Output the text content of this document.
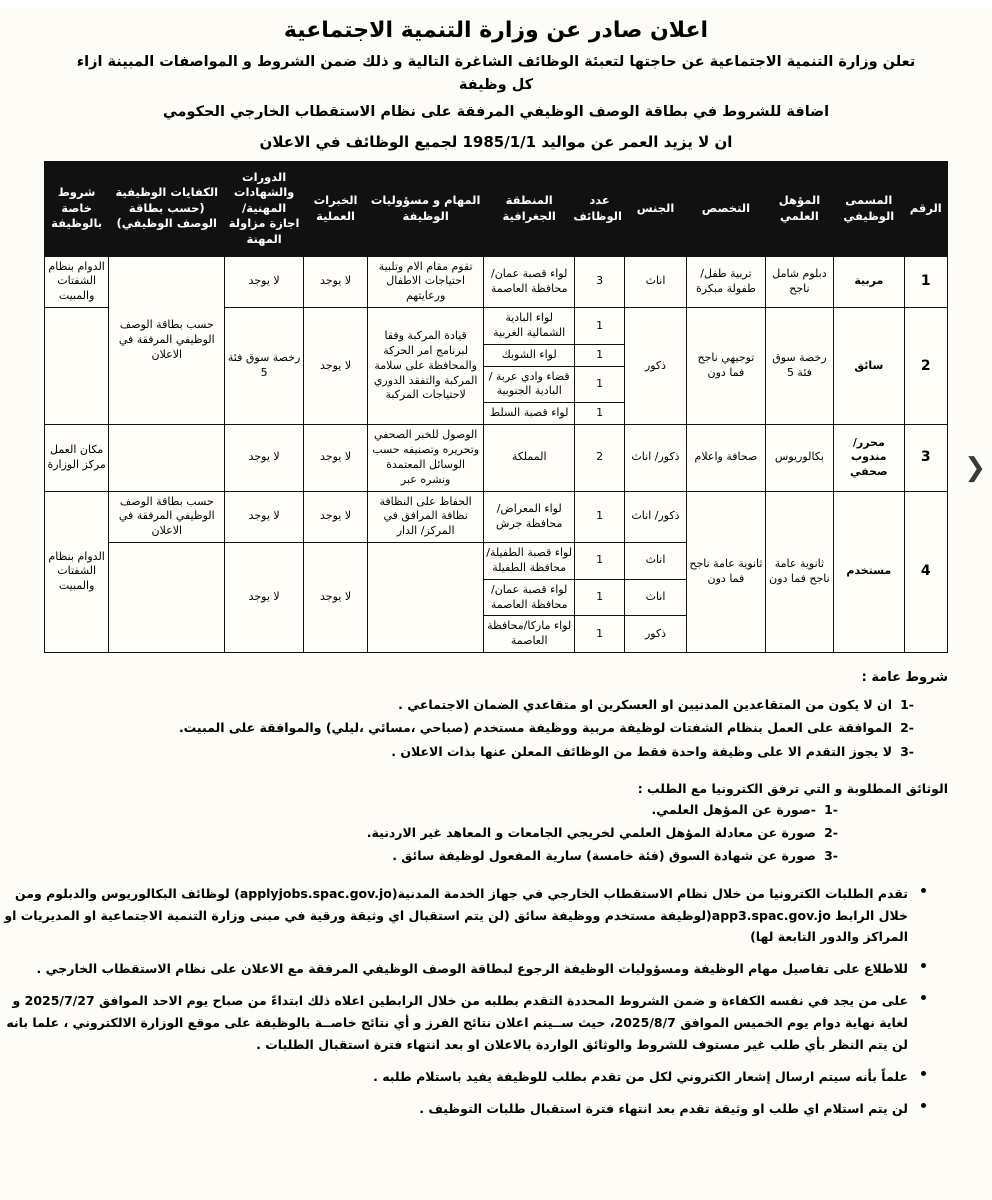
اعلان صادر عن وزارة التنمية الاجتماعية
تعلن وزارة التنمية الاجتماعية عن حاجتها لتعبئة الوظائف الشاغرة التالية و ذلك ضمن الشروط و المواصفات المبينة ازاء كل وظيفة
اضافة للشروط في بطاقة الوصف الوظيفي المرفقة على نظام الاستقطاب الخارجي الحكومي
ان لا يزيد العمر عن مواليد 1985/1/1 لجميع الوظائف في الاعلان
❮
الرقم	المسمى الوظيفي	المؤهل العلمي	التخصص	الجنس	عدد الوظائف	المنطقة الجغرافية	المهام و مسؤوليات الوظيفة	الخبرات العملية	الدورات والشهادات المهنية/اجازة مزاولة المهنة	الكفايات الوظيفية (حسب بطاقة الوصف الوظيفي)	شروط خاصة بالوظيفة
1	مربية	دبلوم شامل ناجح	تربية طفل/ طفولة مبكرة	اناث	3	لواء قصبة عمان/محافظة العاصمة	تقوم مقام الام وتلبية احتياجات الاطفال ورعايتهم	لا يوجد	لا يوجد	حسب بطاقة الوصف الوظيفي المرفقة في الاعلان	الدوام بنظام الشفتات والمبيت
2	سائق	رخصة سوق فئة 5	توجيهي ناجح فما دون	ذكور	1	لواء البادية الشمالية الغربية	قيادة المركبة وفقا لبرنامج امر الحركة والمحافظة على سلامة المركبة والتفقد الدوري لاحتياجات المركبة	لا يوجد	رخصة سوق فئة 5		
					1	لواء الشوبك					
					1	قضاء وادي عربة /البادية الجنوبية					
					1	لواء قصبة السلط					
3	محرر/ مندوب صحفي	بكالوريوس	صحافة واعلام	ذكور/ اناث	2	المملكة	الوصول للخبر الصحفي وتحريره وتصنيفه حسب الوسائل المعتمدة ونشره عبر	لا يوجد	لا يوجد		مكان العمل مركز الوزارة
4	مستخدم	ثانوية عامة ناجح فما دون	ثانوية عامة ناجح فما دون	ذكور/ اناث	1	لواء المعراض/محافظة جرش	الحفاظ على النظافة نظافة المرافق في المركز/ الدار	لا يوجد	لا يوجد	حسب بطاقة الوصف الوظيفي المرفقة في الاعلان	الدوام بنظام الشفتات والمبيت
				اناث	1	لواء قصبة الطفيلة/ محافظة الطفيلة		لا يوجد	لا يوجد		
				اناث	1	لواء قصبة عمان/محافظة العاصمة					
				ذكور	1	لواء ماركا/محافظة العاصمة					
شروط عامة :
-1
ان لا يكون من المتقاعدين المدنيين او العسكرين او متقاعدي الضمان الاجتماعي .
-2
الموافقة على العمل بنظام الشفتات لوظيفة مربية ووظيفة مستخدم (صباحي ،مسائي ،ليلي) والموافقة على المبيت.
-3
لا يجوز التقدم الا على وظيفة واحدة فقط من الوظائف المعلن عنها بذات الاعلان .
الوثائق المطلوبة و التي ترفق الكترونيا مع الطلب :
-1
-صورة عن المؤهل العلمي.
-2
صورة عن معادلة المؤهل العلمي لخريجي الجامعات و المعاهد غير الاردنية.
-3
صورة عن شهادة السوق (فئة خامسة) سارية المفعول لوظيفة سائق .
تقدم الطلبات الكترونيا من خلال نظام الاستقطاب الخارجي في جهاز الخدمة المدنية(applyjobs.spac.gov.jo) لوظائف البكالوريوس والدبلوم ومن خلال الرابط app3.spac.gov.jo(لوظيفة مستخدم ووظيفة سائق (لن يتم استقبال اي وثيقة ورقية في مبنى وزارة التنمية الاجتماعية او المديريات او المراكز والدور التابعة لها)
للاطلاع على تفاصيل مهام الوظيفة ومسؤوليات الوظيفة الرجوع لبطاقة الوصف الوظيفي المرفقة مع الاعلان على نظام الاستقطاب الخارجي .
على من يجد في نفسه الكفاءة و ضمن الشروط المحددة التقدم بطلبه من خلال الرابطين اعلاه ذلك ابتداءً من صباح يوم الاحد الموافق 2025/7/27 و لغاية نهاية دوام يوم الخميس الموافق 2025/8/7، حيث ســيتم اعلان نتائج الفرز و أي نتائج خاصــة بالوظيفة على موقع الوزارة الالكتروني ، علما بانه لن يتم النظر بأي طلب غير مستوف للشروط والوثائق الواردة بالاعلان او بعد انتهاء فترة استقبال الطلبات .
علماً بأنه سيتم ارسال إشعار الكتروني لكل من تقدم بطلب للوظيفة يفيد باستلام طلبه .
لن يتم استلام اي طلب او وثيقة تقدم بعد انتهاء فترة استقبال طلبات التوظيف .
